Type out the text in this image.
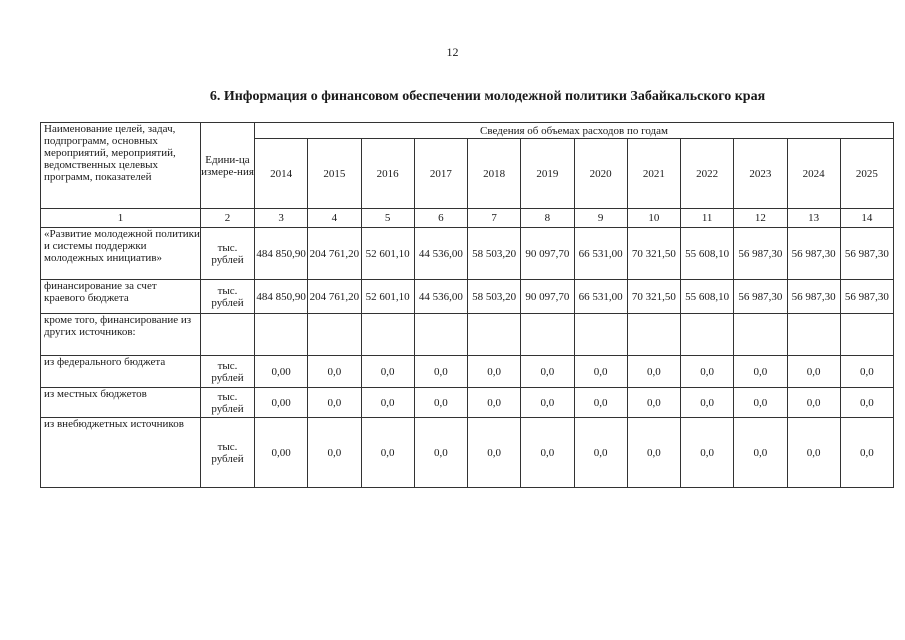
12
6. Информация о финансовом обеспечении молодежной политики Забайкальского края
Наименование целей, задач, подпрограмм, основных мероприятий, мероприятий, ведомственных целевых программ, показателей	Едини-ца измере-ния	Сведения об объемах расходов по годам											
		2014	2015	2016	2017	2018	2019	2020	2021	2022	2023	2024	2025
1	2	3	4	5	6	7	8	9	10	11	12	13	14
«Развитие молодежной политики и системы поддержки молодежных инициатив»	тыс. рублей	484 850,90	204 761,20	52 601,10	44 536,00	58 503,20	90 097,70	66 531,00	70 321,50	55 608,10	56 987,30	56 987,30	56 987,30
финансирование за счет краевого бюджета	тыс. рублей	484 850,90	204 761,20	52 601,10	44 536,00	58 503,20	90 097,70	66 531,00	70 321,50	55 608,10	56 987,30	56 987,30	56 987,30
кроме того, финансирование из других источников:													
из федерального бюджета	тыс. рублей	0,00	0,0	0,0	0,0	0,0	0,0	0,0	0,0	0,0	0,0	0,0	0,0
из местных бюджетов	тыс. рублей	0,00	0,0	0,0	0,0	0,0	0,0	0,0	0,0	0,0	0,0	0,0	0,0
из внебюджетных источников	тыс. рублей	0,00	0,0	0,0	0,0	0,0	0,0	0,0	0,0	0,0	0,0	0,0	0,0
